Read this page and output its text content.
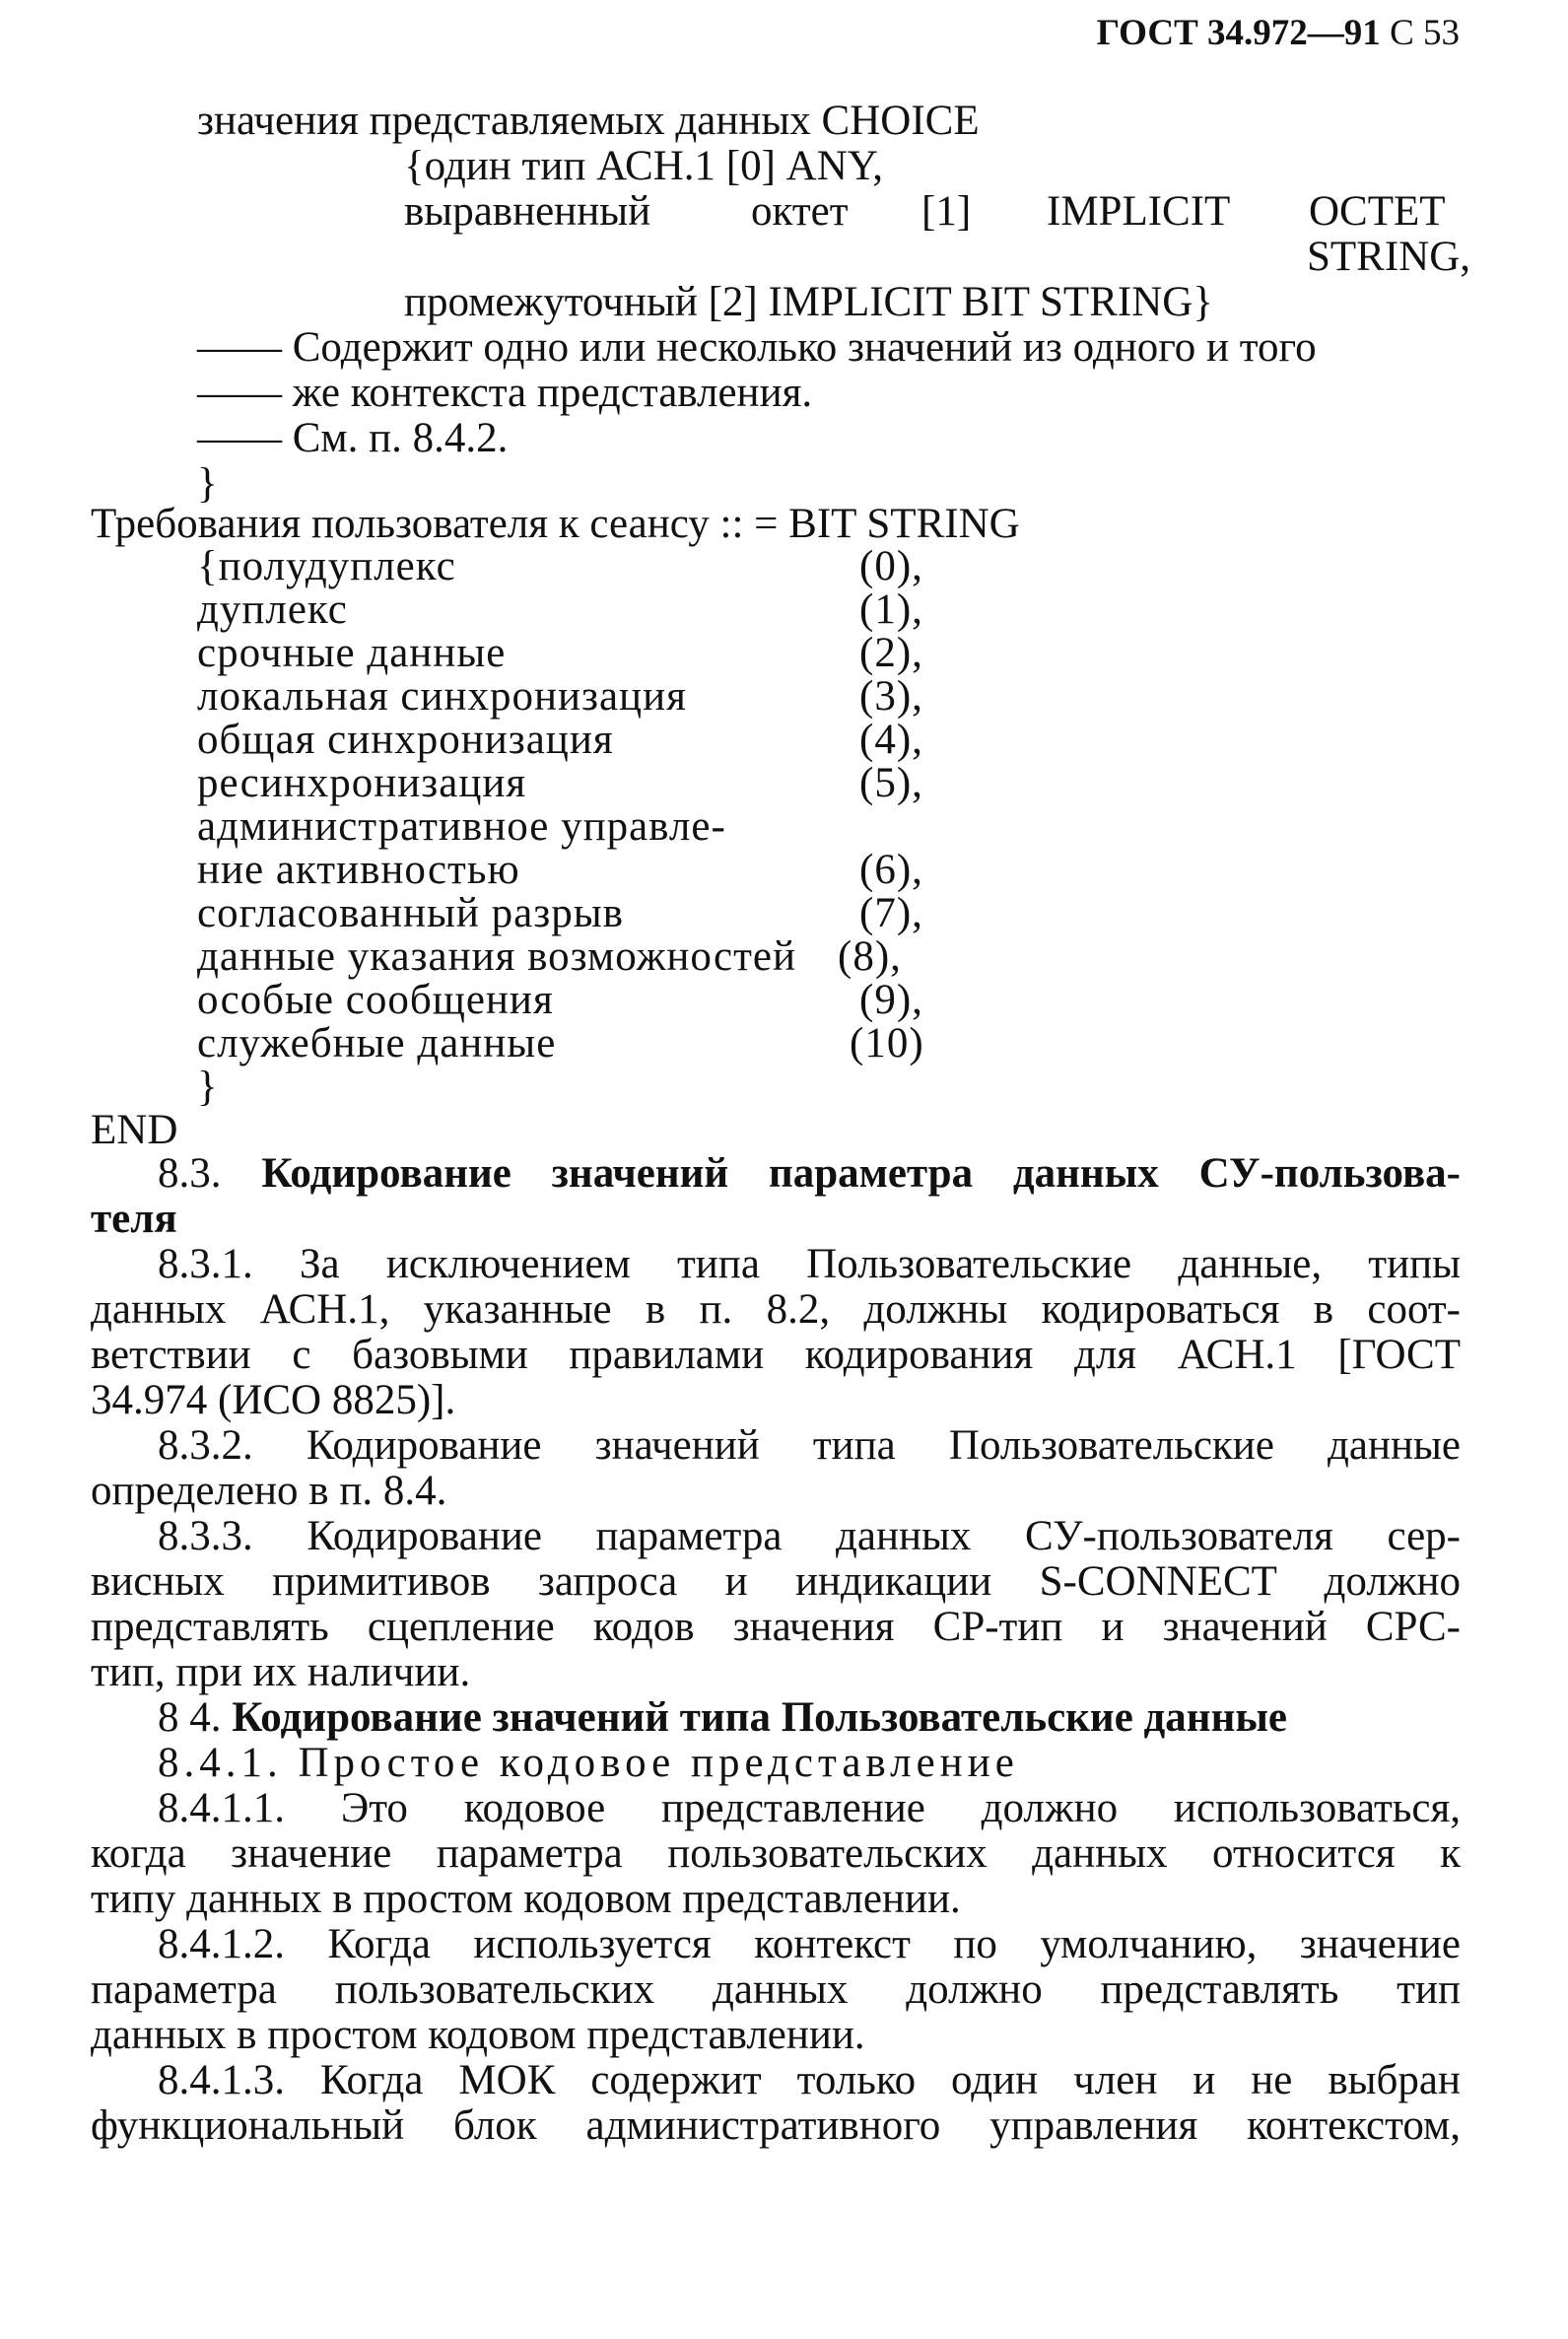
ГОСТ 34.972—91 С 53
значения представляемых данных CHOICE
{один тип АСН.1 [0] ANY,
выравненный октет [1] IMPLICIT OCTET
STRING,
промежуточный [2] IMPLICIT BIT STRING}
—— Содержит одно или несколько значений из одного и того
—— же контекста представления.
—— См. п. 8.4.2.
}
Требования пользователя к сеансу :: = BIT STRING
{полудуплекс	(0),
дуплекс	(1),
срочные данные	(2),
локальная синхронизация	(3),
общая синхронизация	(4),
ресинхронизация	(5),
административное управле-
ние активностью	(6),
согласованный разрыв	(7),
данные указания возможностей (8),
особые сообщения	(9),
служебные данные	(10)
}
END
8.3. Кодирование значений параметра данных СУ-пользова-
теля
8.3.1. За исключением типа Пользовательские данные, типы
данных АСН.1, указанные в п. 8.2, должны кодироваться в соот-
ветствии с базовыми правилами кодирования для АСН.1 [ГОСТ
34.974 (ИСО 8825)].
8.3.2. Кодирование значений типа Пользовательские данные
определено в п. 8.4.
8.3.3. Кодирование параметра данных СУ-пользователя сер-
висных примитивов запроса и индикации S-CONNECT должно
представлять сцепление кодов значения СР-тип и значений СРС-
тип, при их наличии.
8 4. Кодирование значений типа Пользовательские данные
8.4.1. Простое кодовое представление
8.4.1.1. Это кодовое представление должно использоваться,
когда значение параметра пользовательских данных относится к
типу данных в простом кодовом представлении.
8.4.1.2. Когда используется контекст по умолчанию, значение
параметра пользовательских данных должно представлять тип
данных в простом кодовом представлении.
8.4.1.3. Когда МОК содержит только один член и не выбран
функциональный блок административного управления контекстом,
